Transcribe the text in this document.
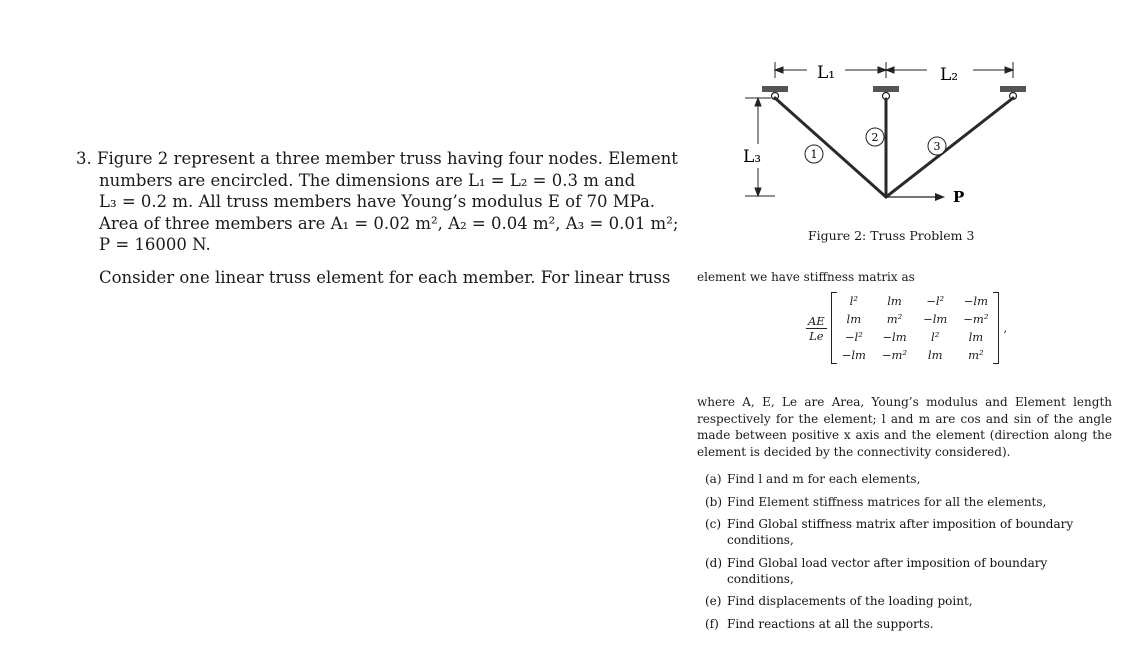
3. Figure 2 represent a three member truss having four nodes. Element
numbers are encircled. The dimensions are L₁ = L₂ = 0.3 m and
L₃ = 0.2 m. All truss members have Young’s modulus E of 70 MPa.
Area of three members are A₁ = 0.02 m², A₂ = 0.04 m², A₃ = 0.01 m²;
P = 16000 N.
Consider one linear truss element for each member. For linear truss
L₁	L₂
L₃	1
2
3
P
Figure 2: Truss Problem 3
element we have stiffness matrix as
$\frac{AE}{Le}$
l²	lm	−l²	−lm
lm	m²	−lm	−m²
−l²	−lm	l²	lm
−lm	−m²	lm	m²
,
where A, E, Le are Area, Young’s modulus and Element length respectively for the element; l and m are cos and sin of the angle made between positive x axis and the element (direction along the element is decided by the connectivity considered).
(a) Find l and m for each elements,
(b) Find Element stiffness matrices for all the elements,
(c) Find Global stiffness matrix after imposition of boundary conditions,
(d) Find Global load vector after imposition of boundary conditions,
(e) Find displacements of the loading point,
(f) Find reactions at all the supports.
